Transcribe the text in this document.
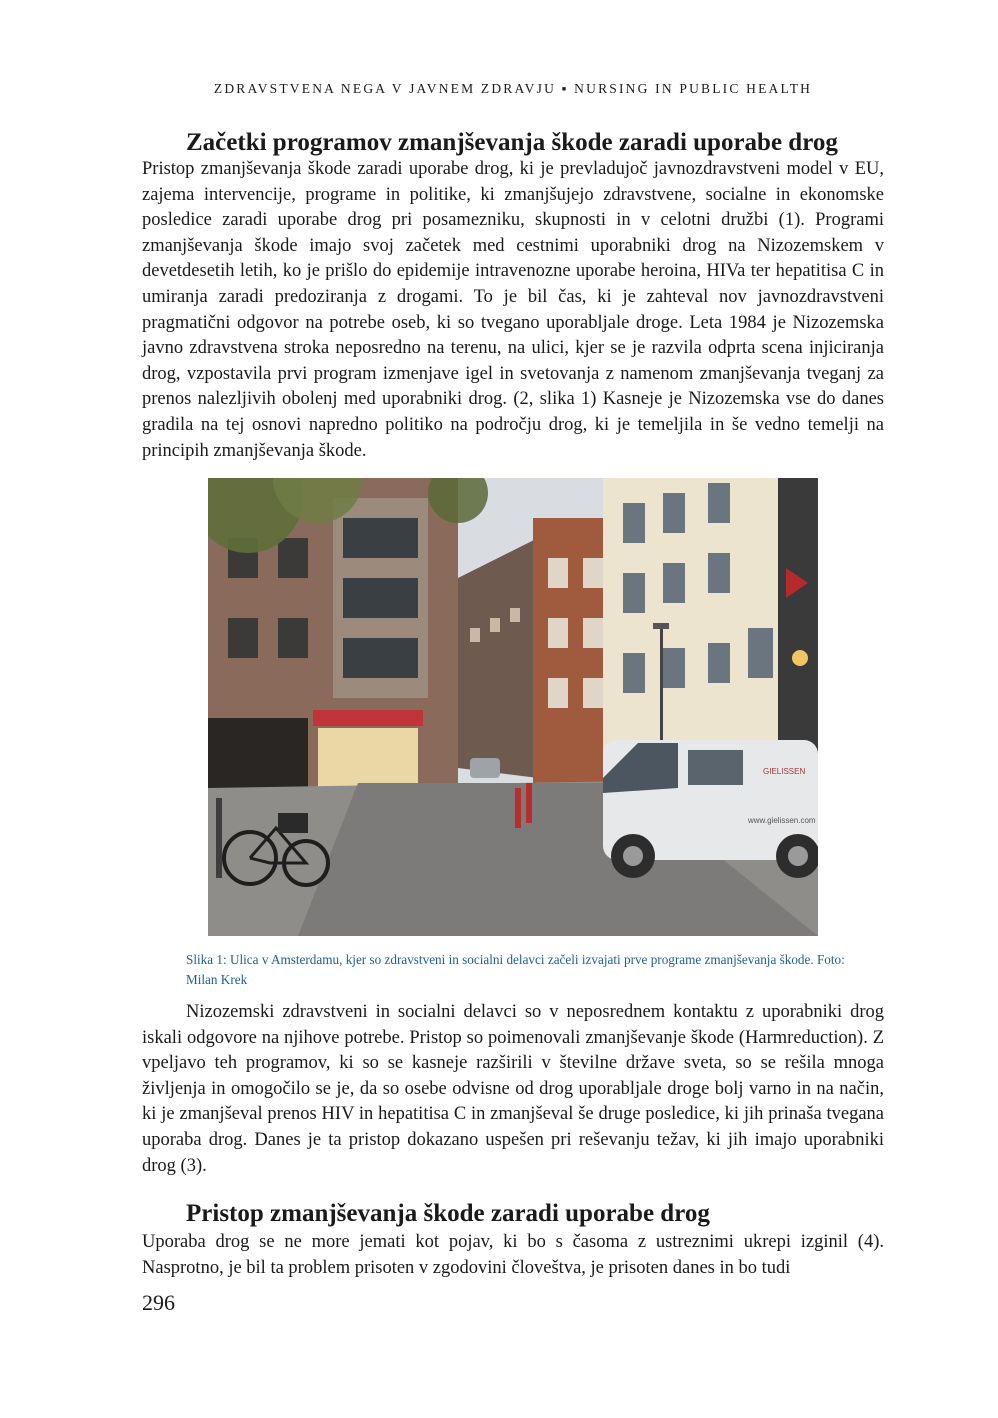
ZDRAVSTVENA NEGA V JAVNEM ZDRAVJU ▪ NURSING IN PUBLIC HEALTH
Začetki programov zmanjševanja škode zaradi uporabe drog

Pristop zmanjševanja škode zaradi uporabe drog, ki je prevladujoč javnozdravstveni model v EU, zajema intervencije, programe in politike, ki zmanjšujejo zdravstvene, socialne in ekonomske posledice zaradi uporabe drog pri posamezniku, skupnosti in v celotni družbi (1). Programi zmanjševanja škode imajo svoj začetek med cestnimi uporabniki drog na Nizozemskem v devetdesetih letih, ko je prišlo do epidemije intravenozne uporabe heroina, HIVa ter hepatitisa C in umiranja zaradi predoziranja z drogami. To je bil čas, ki je zahteval nov javnozdravstveni pragmatični odgovor na potrebe oseb, ki so tvegano uporabljale droge. Leta 1984 je Nizozemska javno zdravstvena stroka neposredno na terenu, na ulici, kjer se je razvila odprta scena injiciranja drog, vzpostavila prvi program izmenjave igel in svetovanja z namenom zmanjševanja tveganj za prenos nalezljivih obolenj med uporabniki drog. (2, slika 1) Kasneje je Nizozemska vse do danes gradila na tej osnovi napredno politiko na področju drog, ki je temeljila in še vedno temelji na principih zmanjševanja škode.

GIELISSEN
www.gielissen.com

Slika 1: Ulica v Amsterdamu, kjer so zdravstveni in socialni delavci začeli izvajati prve programe zmanjševanja škode. Foto: Milan Krek

Nizozemski zdravstveni in socialni delavci so v neposrednem kontaktu z uporabniki drog iskali odgovore na njihove potrebe. Pristop so poimenovali zmanjševanje škode (Harmreduction). Z vpeljavo teh programov, ki so se kasneje razširili v številne države sveta, so se rešila mnoga življenja in omogočilo se je, da so osebe odvisne od drog uporabljale droge bolj varno in na način, ki je zmanjševal prenos HIV in hepatitisa C in zmanjševal še druge posledice, ki jih prinaša tvegana uporaba drog. Danes je ta pristop dokazano uspešen pri reševanju težav, ki jih imajo uporabniki drog (3).

Pristop zmanjševanja škode zaradi uporabe drog

Uporaba drog se ne more jemati kot pojav, ki bo s časoma z ustreznimi ukrepi izginil (4). Nasprotno, je bil ta problem prisoten v zgodovini človeštva, je prisoten danes in bo tudi

296
